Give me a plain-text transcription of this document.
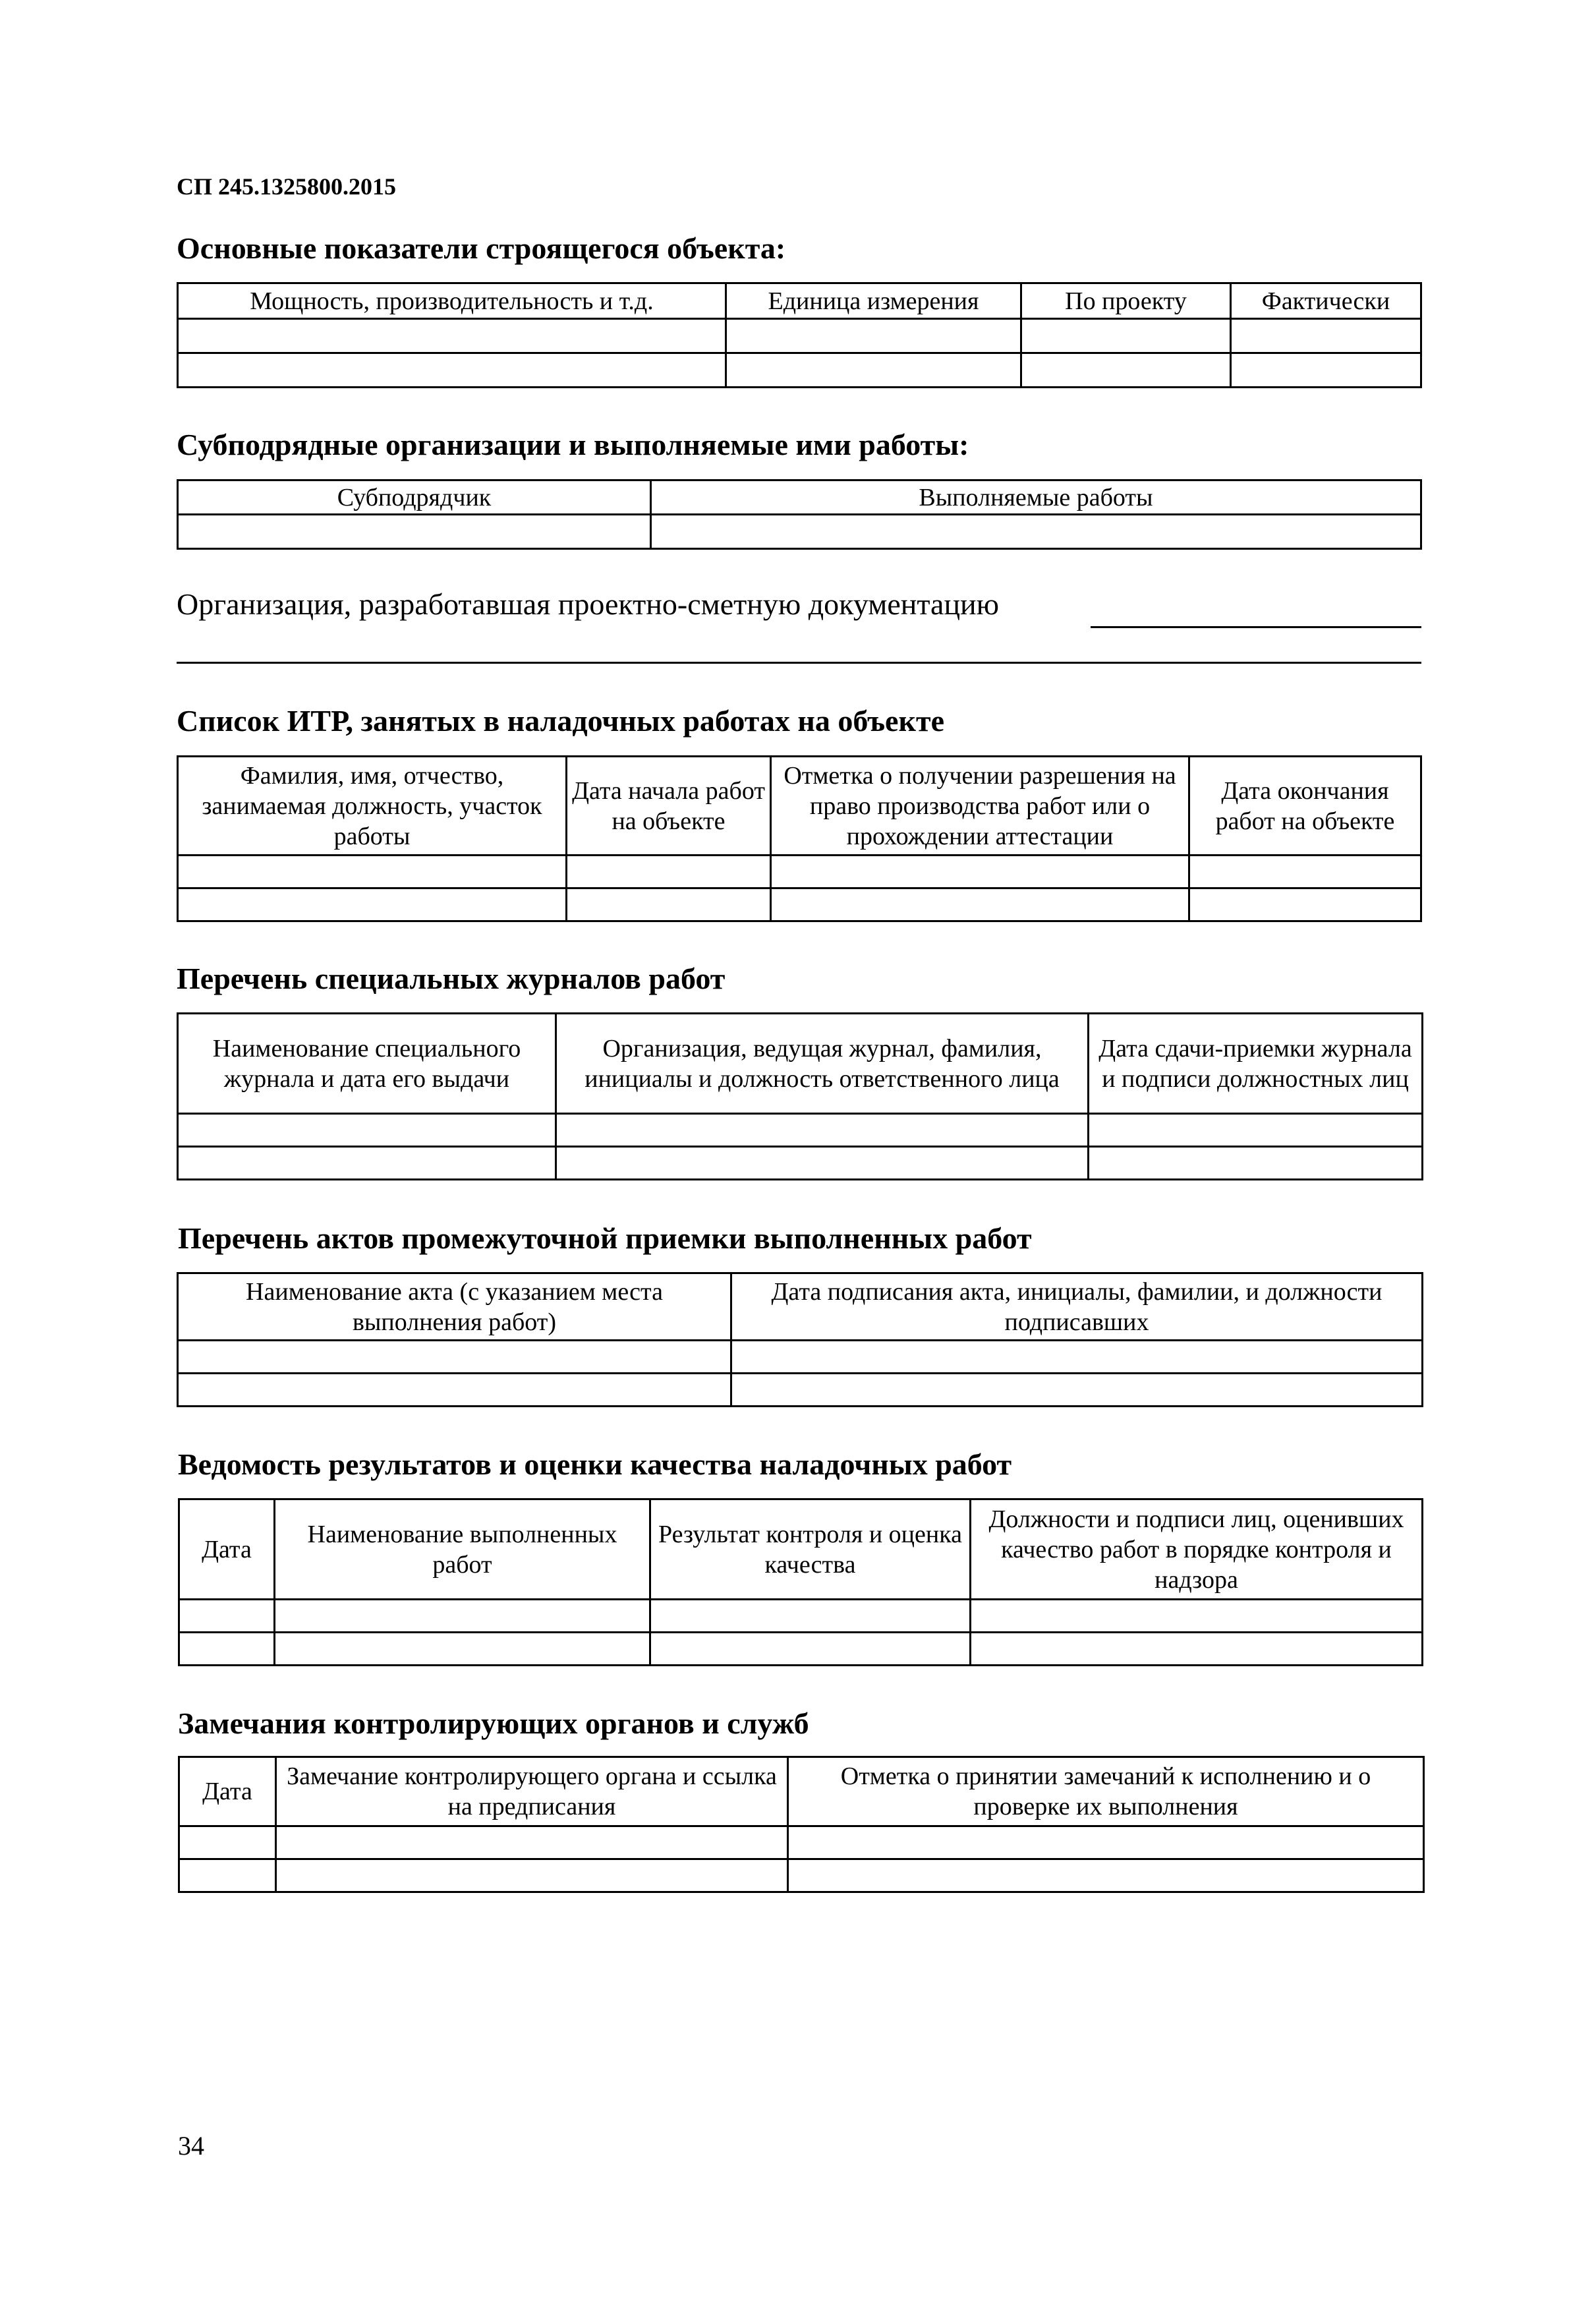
СП 245.1325800.2015
Основные показатели строящегося объекта:
Мощность, производительность и т.д.	Единица измерения	По проекту	Фактически

Субподрядные организации и выполняемые ими работы:
Субподрядчик	Выполняемые работы

Организация, разработавшая проектно-сметную документацию
Список ИТР, занятых в наладочных работах на объекте
Фамилия, имя, отчество, занимаемая должность, участок работы	Дата начала работ на объекте	Отметка о получении разрешения на право производства работ или о прохождении аттестации	Дата окончания работ на объекте

Перечень специальных журналов работ
Наименование специального журнала и дата его выдачи	Организация, ведущая журнал, фамилия, инициалы и должность ответственного лица	Дата сдачи-приемки журнала и подписи должностных лиц

Перечень актов промежуточной приемки выполненных работ
Наименование акта (с указанием места выполнения работ)	Дата подписания акта, инициалы, фамилии, и должности подписавших

Ведомость результатов и оценки качества наладочных работ
Дата	Наименование выполненных работ	Результат контроля и оценка качества	Должности и подписи лиц, оценивших качество работ в порядке контроля и надзора

Замечания контролирующих органов и служб
Дата	Замечание контролирующего органа и ссылка на предписания	Отметка о принятии замечаний к исполнению и о проверке их выполнения

34
